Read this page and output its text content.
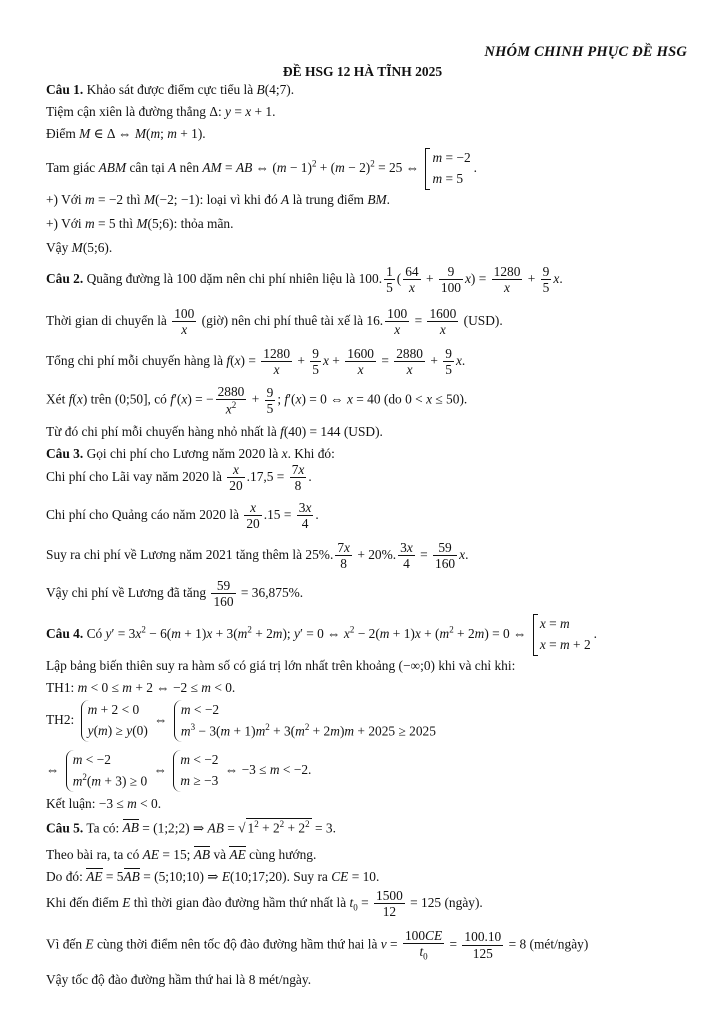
NHÓM CHINH PHỤC ĐỀ HSG
ĐỀ HSG 12 HÀ TĨNH 2025
Câu 1. Khảo sát được điểm cực tiểu là B(4;7).
Tiệm cận xiên là đường thẳng Δ: y = x + 1.
Điểm M ∈ Δ ⇔ M(m; m + 1).
Tam giác ABM cân tại A nên AM = AB ⇔ $(m - 1)^2 + (m - 2)^2 = 25$ ⇔
m = −2
m = 5
.
+) Với m = −2 thì M(−2; −1): loại vì khi đó A là trung điểm BM.
+) Với m = 5 thì M(5;6): thỏa mãn.
Vậy M(5;6).
Câu 2. Quãng đường là 100 dặm nên chi phí nhiên liệu là 100. $\frac{1}{5}$ ( $\frac{64}{x} + \frac{9}{100} x) = \frac{1280}{x} + \frac{9}{5} x$.
Thời gian di chuyển là $\frac{100}{x}$ (giờ) nên chi phí thuê tài xế là 16. $\frac{100}{x} = \frac{1600}{x} (USD)$.
Tổng chi phí mỗi chuyến hàng là $f(x) = \frac{1280}{x} + \frac{9}{5}$ $x + \frac{1600}{x} = \frac{2880}{x} + \frac{9}{5} x$.
Xét f(x) trên (0;50], có f′(x) = − $\frac{2880}{x^2} + \frac{9}{5}$ ; f′(x) = 0 ⇔ x = 40 (do 0 < x ≤ 50).
Từ đó chi phí mỗi chuyến hàng nhỏ nhất là f(40) = 144 (USD).
Câu 3. Gọi chi phí cho Lương năm 2020 là x. Khi đó:
Chi phí cho Lãi vay năm 2020 là $\frac{x}{20} .17,5 = \frac{7x}{8}$ .
Chi phí cho Quảng cáo năm 2020 là $\frac{x}{20} .15 = \frac{3x}{4}$ .
Suy ra chi phí về Lương năm 2021 tăng thêm là 25%. $\frac{7x}{8} + 20\%$. $\frac{3x}{4} = \frac{59}{160} x$.
Vậy chi phí về Lương đã tăng $\frac{59}{160} = 36,875\%$.
Câu 4. Có $y' = 3x^2 - 6(m + 1)x + 3(m^2 + 2m)$; y′ = 0 ⇔ $x^2 - 2(m + 1)x + (m^2 + 2m) = 0$ ⇔
x = m
x = m + 2
.
Lập bảng biến thiên suy ra hàm số có giá trị lớn nhất trên khoảng (−∞;0) khi và chỉ khi:
TH1: m < 0 ≤ m + 2 ⇔ −2 ≤ m < 0.
TH2:
m + 2 < 0
y(m) ≥ y(0)
⇔
m < −2
$m^3 - 3(m + 1)m^2 + 3(m^2 + 2m)m + 2025 \ge 2025$
⇔
m < −2
$m^2(m + 3) \ge 0$
⇔
m < −2
m ≥ −3
⇔ −3 ≤ m < −2.
Kết luận: −3 ≤ m < 0.
Câu 5. Ta có: AB = (1;2;2) ⇒ AB = √ $1^2 + 2^2 + 2^2 = 3$.
Theo bài ra, ta có AE = 15; AB và AE cùng hướng.
Do đó: AE = 5AB = (5;10;10) ⇒ E(10;17;20). Suy ra CE = 10.
Khi đến điểm E thì thời gian đào đường hầm thứ nhất là $t_0 = \frac{1500}{12} = 125$ (ngày).
Vì đến E cùng thời điểm nên tốc độ đào đường hầm thứ hai là $v = \frac{100CE}{t_0} = \frac{100.10}{125} = 8$ (mét/ngày)
Vậy tốc độ đào đường hầm thứ hai là 8 mét/ngày.
